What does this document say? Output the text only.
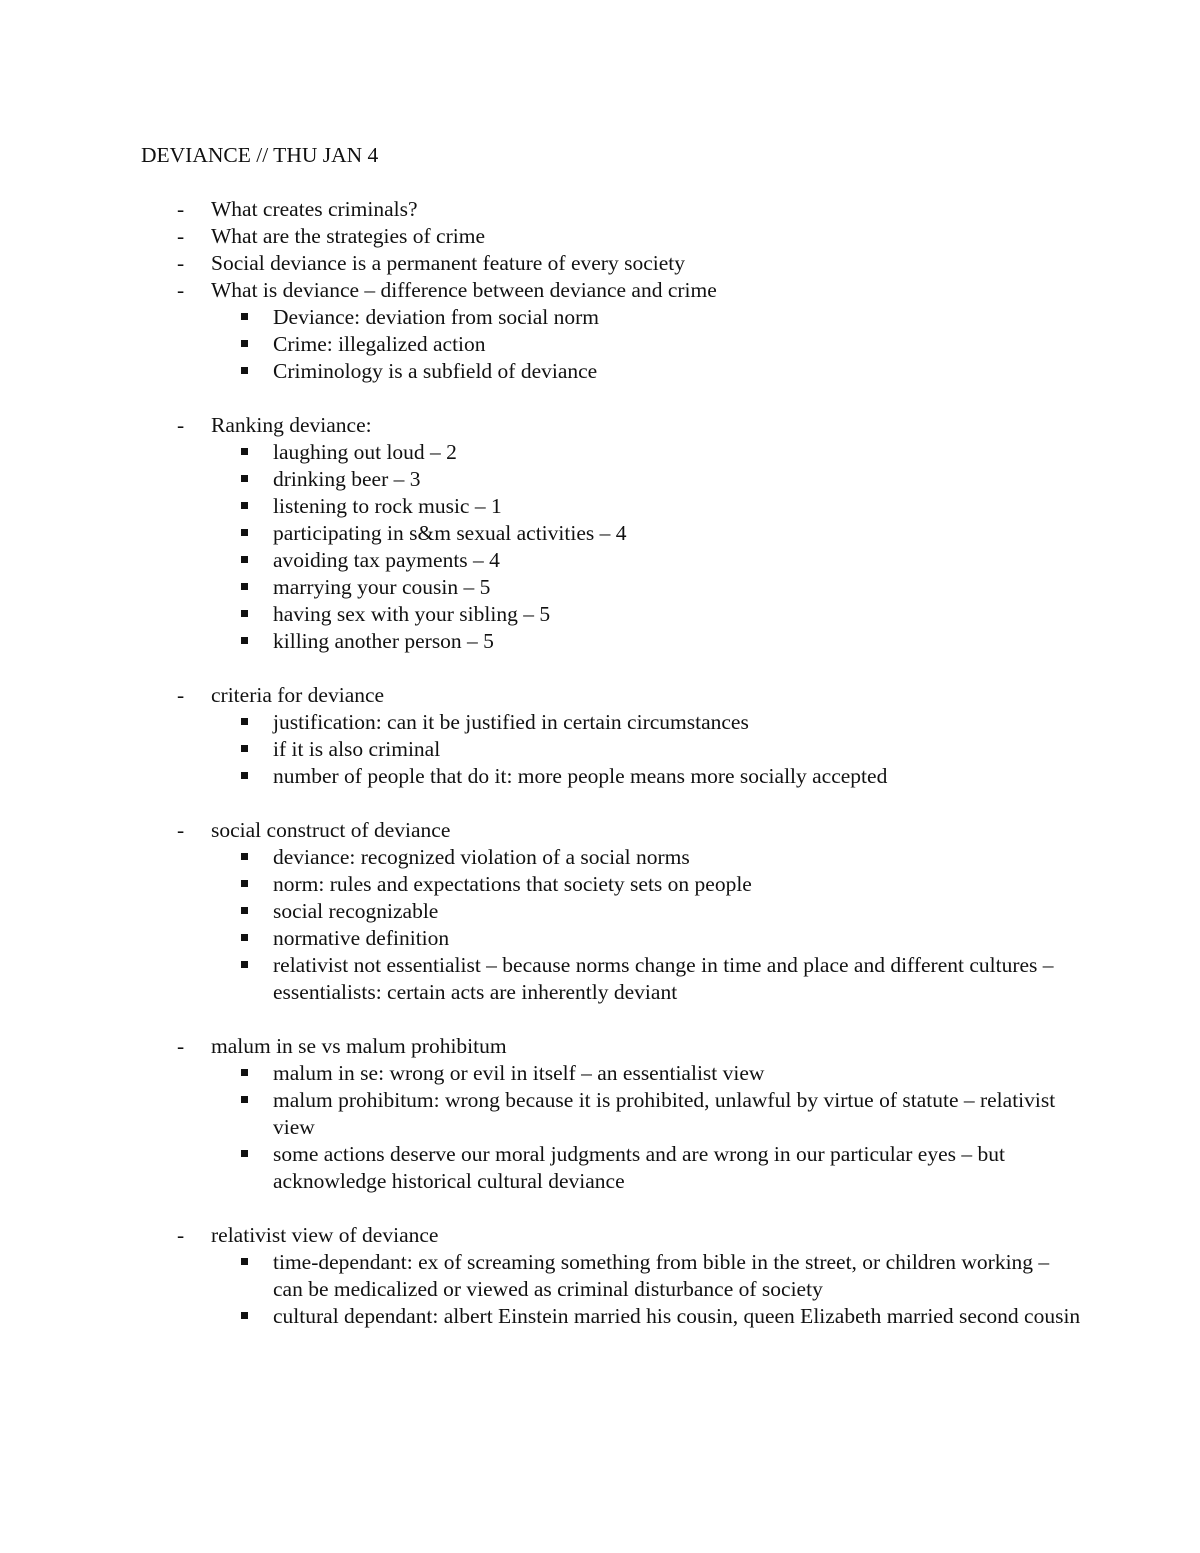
DEVIANCE // THU JAN 4
- What creates criminals?
- What are the strategies of crime
- Social deviance is a permanent feature of every society
- What is deviance – difference between deviance and crime
Deviance: deviation from social norm
Crime: illegalized action
Criminology is a subfield of deviance
- Ranking deviance:
laughing out loud – 2
drinking beer – 3
listening to rock music – 1
participating in s&m sexual activities – 4
avoiding tax payments – 4
marrying your cousin – 5
having sex with your sibling – 5
killing another person – 5
- criteria for deviance
justification: can it be justified in certain circumstances
if it is also criminal
number of people that do it: more people means more socially accepted
- social construct of deviance
deviance: recognized violation of a social norms
norm: rules and expectations that society sets on people
social recognizable
normative definition
relativist not essentialist – because norms change in time and place and different cultures – essentialists: certain acts are inherently deviant
- malum in se vs malum prohibitum
malum in se: wrong or evil in itself – an essentialist view
malum prohibitum: wrong because it is prohibited, unlawful by virtue of statute – relativist view
some actions deserve our moral judgments and are wrong in our particular eyes – but acknowledge historical cultural deviance
- relativist view of deviance
time-dependant: ex of screaming something from bible in the street, or children working – can be medicalized or viewed as criminal disturbance of society
cultural dependant: albert Einstein married his cousin, queen Elizabeth married second cousin
